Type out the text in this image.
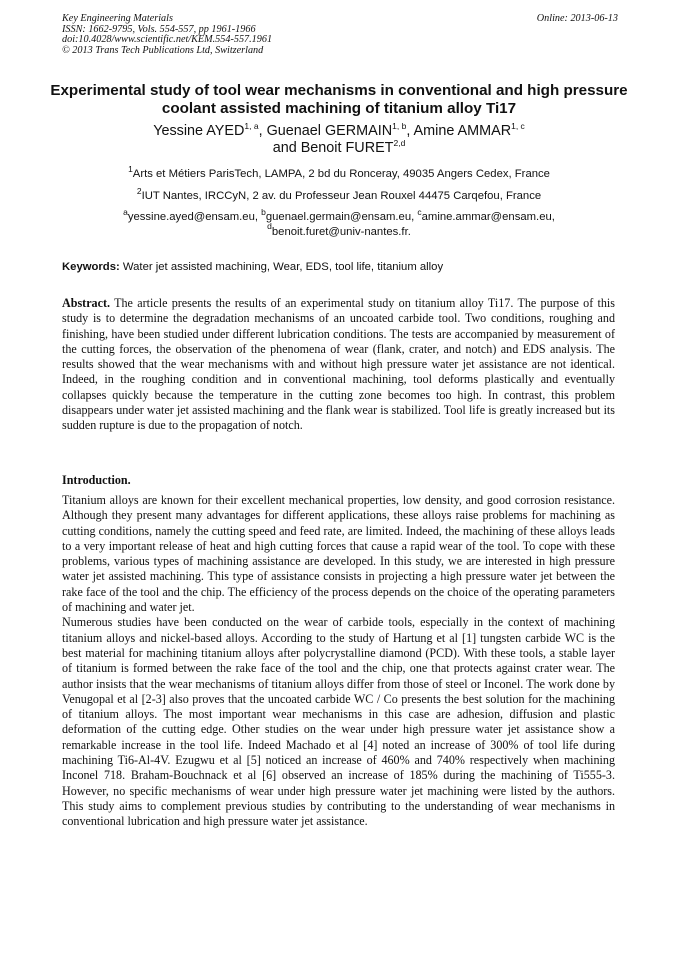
Key Engineering Materials
ISSN: 1662-9795, Vols. 554-557, pp 1961-1966
doi:10.4028/www.scientific.net/KEM.554-557.1961
© 2013 Trans Tech Publications Ltd, Switzerland
Online: 2013-06-13
Experimental study of tool wear mechanisms in conventional and high pressure coolant assisted machining of titanium alloy Ti17
Yessine AYED$^{1, a}$, Guenael GERMAIN$^{1, b}$, Amine AMMAR$^{1, c}$
and Benoit FURET$^{2,d}$
$^1$Arts et Métiers ParisTech, LAMPA, 2 bd du Ronceray, 49035 Angers Cedex, France
$^2$IUT Nantes, IRCCyN, 2 av. du Professeur Jean Rouxel 44475 Carqefou, France
$^a$yessine.ayed@ensam.eu, $^b$guenael.germain@ensam.eu, $^c$amine.ammar@ensam.eu,
$^d$benoit.furet@univ-nantes.fr.
Keywords: Water jet assisted machining, Wear, EDS, tool life, titanium alloy

Abstract. The article presents the results of an experimental study on titanium alloy Ti17. The purpose of this study is to determine the degradation mechanisms of an uncoated carbide tool. Two conditions, roughing and finishing, have been studied under different lubrication conditions. The tests are accompanied by measurement of the cutting forces, the observation of the phenomena of wear (flank, crater, and notch) and EDS analysis. The results showed that the wear mechanisms with and without high pressure water jet assistance are not identical. Indeed, in the roughing condition and in conventional machining, tool deforms plastically and eventually collapses quickly because the temperature in the cutting zone becomes too high. In contrast, this problem disappears under water jet assisted machining and the flank wear is stabilized. Tool life is greatly increased but its sudden rupture is due to the propagation of notch.

Introduction.

Titanium alloys are known for their excellent mechanical properties, low density, and good corrosion resistance. Although they present many advantages for different applications, these alloys raise problems for machining as cutting conditions, namely the cutting speed and feed rate, are limited. Indeed, the machining of these alloys leads to a very important release of heat and high cutting forces that cause a rapid wear of the tool. To cope with these problems, various types of machining assistance are developed. In this study, we are interested in high pressure water jet assisted machining. This type of assistance consists in projecting a high pressure water jet between the rake face of the tool and the chip. The efficiency of the process depends on the choice of the operating parameters of machining and water jet.

Numerous studies have been conducted on the wear of carbide tools, especially in the context of machining titanium alloys and nickel-based alloys. According to the study of Hartung et al [1] tungsten carbide WC is the best material for machining titanium alloys after polycrystalline diamond (PCD). With these tools, a stable layer of titanium is formed between the rake face of the tool and the chip, one that protects against crater wear. The author insists that the wear mechanisms of titanium alloys differ from those of steel or Inconel. The work done by Venugopal et al [2-3] also proves that the uncoated carbide WC / Co presents the best solution for the machining of titanium alloys. The most important wear mechanisms in this case are adhesion, diffusion and plastic deformation of the cutting edge. Other studies on the wear under high pressure water jet assistance show a remarkable increase in the tool life. Indeed Machado et al [4] noted an increase of 300% of tool life during machining Ti6-Al-4V. Ezugwu et al [5] noticed an increase of 460% and 740% respectively when machining Inconel 718. Braham-Bouchnack et al [6] observed an increase of 185% during the machining of Ti555-3. However, no specific mechanisms of wear under high pressure water jet machining were listed by the authors. This study aims to complement previous studies by contributing to the understanding of wear mechanisms in conventional lubrication and high pressure water jet assistance.
